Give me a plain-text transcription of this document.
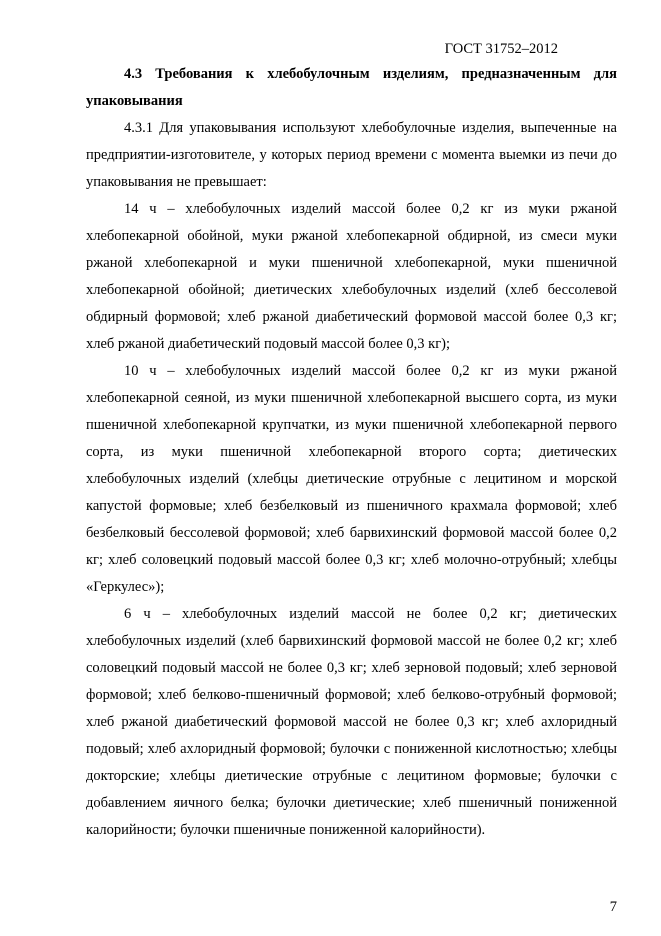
ГОСТ 31752–2012

4.3 Требования к хлебобулочным изделиям, предназначенным для упаковывания

4.3.1 Для упаковывания используют хлебобулочные изделия, выпеченные на предприятии-изготовителе, у которых период времени с момента выемки из печи до упаковывания не превышает:

14 ч – хлебобулочных изделий массой более 0,2 кг из муки ржаной хлебопекарной обойной, муки ржаной хлебопекарной обдирной, из смеси муки ржаной хлебопекарной и муки пшеничной хлебопекарной, муки пшеничной хлебопекарной обойной; диетических хлебобулочных изделий (хлеб бессолевой обдирный формовой; хлеб ржаной диабетический формовой массой более 0,3 кг; хлеб ржаной диабетический подовый массой более 0,3 кг);

10 ч – хлебобулочных изделий массой более 0,2 кг из муки ржаной хлебопекарной сеяной, из муки пшеничной хлебопекарной высшего сорта, из муки пшеничной хлебопекарной крупчатки, из муки пшеничной хлебопекарной первого сорта, из муки пшеничной хлебопекарной второго сорта; диетических хлебобулочных изделий (хлебцы диетические отрубные с лецитином и морской капустой формовые; хлеб безбелковый из пшеничного крахмала формовой; хлеб безбелковый бессолевой формовой; хлеб барвихинский формовой массой более 0,2 кг; хлеб соловецкий подовый массой более 0,3 кг; хлеб молочно-отрубный; хлебцы «Геркулес»);

6 ч – хлебобулочных изделий массой не более 0,2 кг; диетических хлебобулочных изделий (хлеб барвихинский формовой массой не более 0,2 кг; хлеб соловецкий подовый массой не более 0,3 кг; хлеб зерновой подовый; хлеб зерновой формовой; хлеб белково-пшеничный формовой; хлеб белково-отрубный формовой; хлеб ржаной диабетический формовой массой не более 0,3 кг; хлеб ахлоридный подовый; хлеб ахлоридный формовой; булочки с пониженной кислотностью; хлебцы докторские; хлебцы диетические отрубные с лецитином формовые; булочки с добавлением яичного белка; булочки диетические; хлеб пшеничный пониженной калорийности; булочки пшеничные пониженной калорийности).

7
